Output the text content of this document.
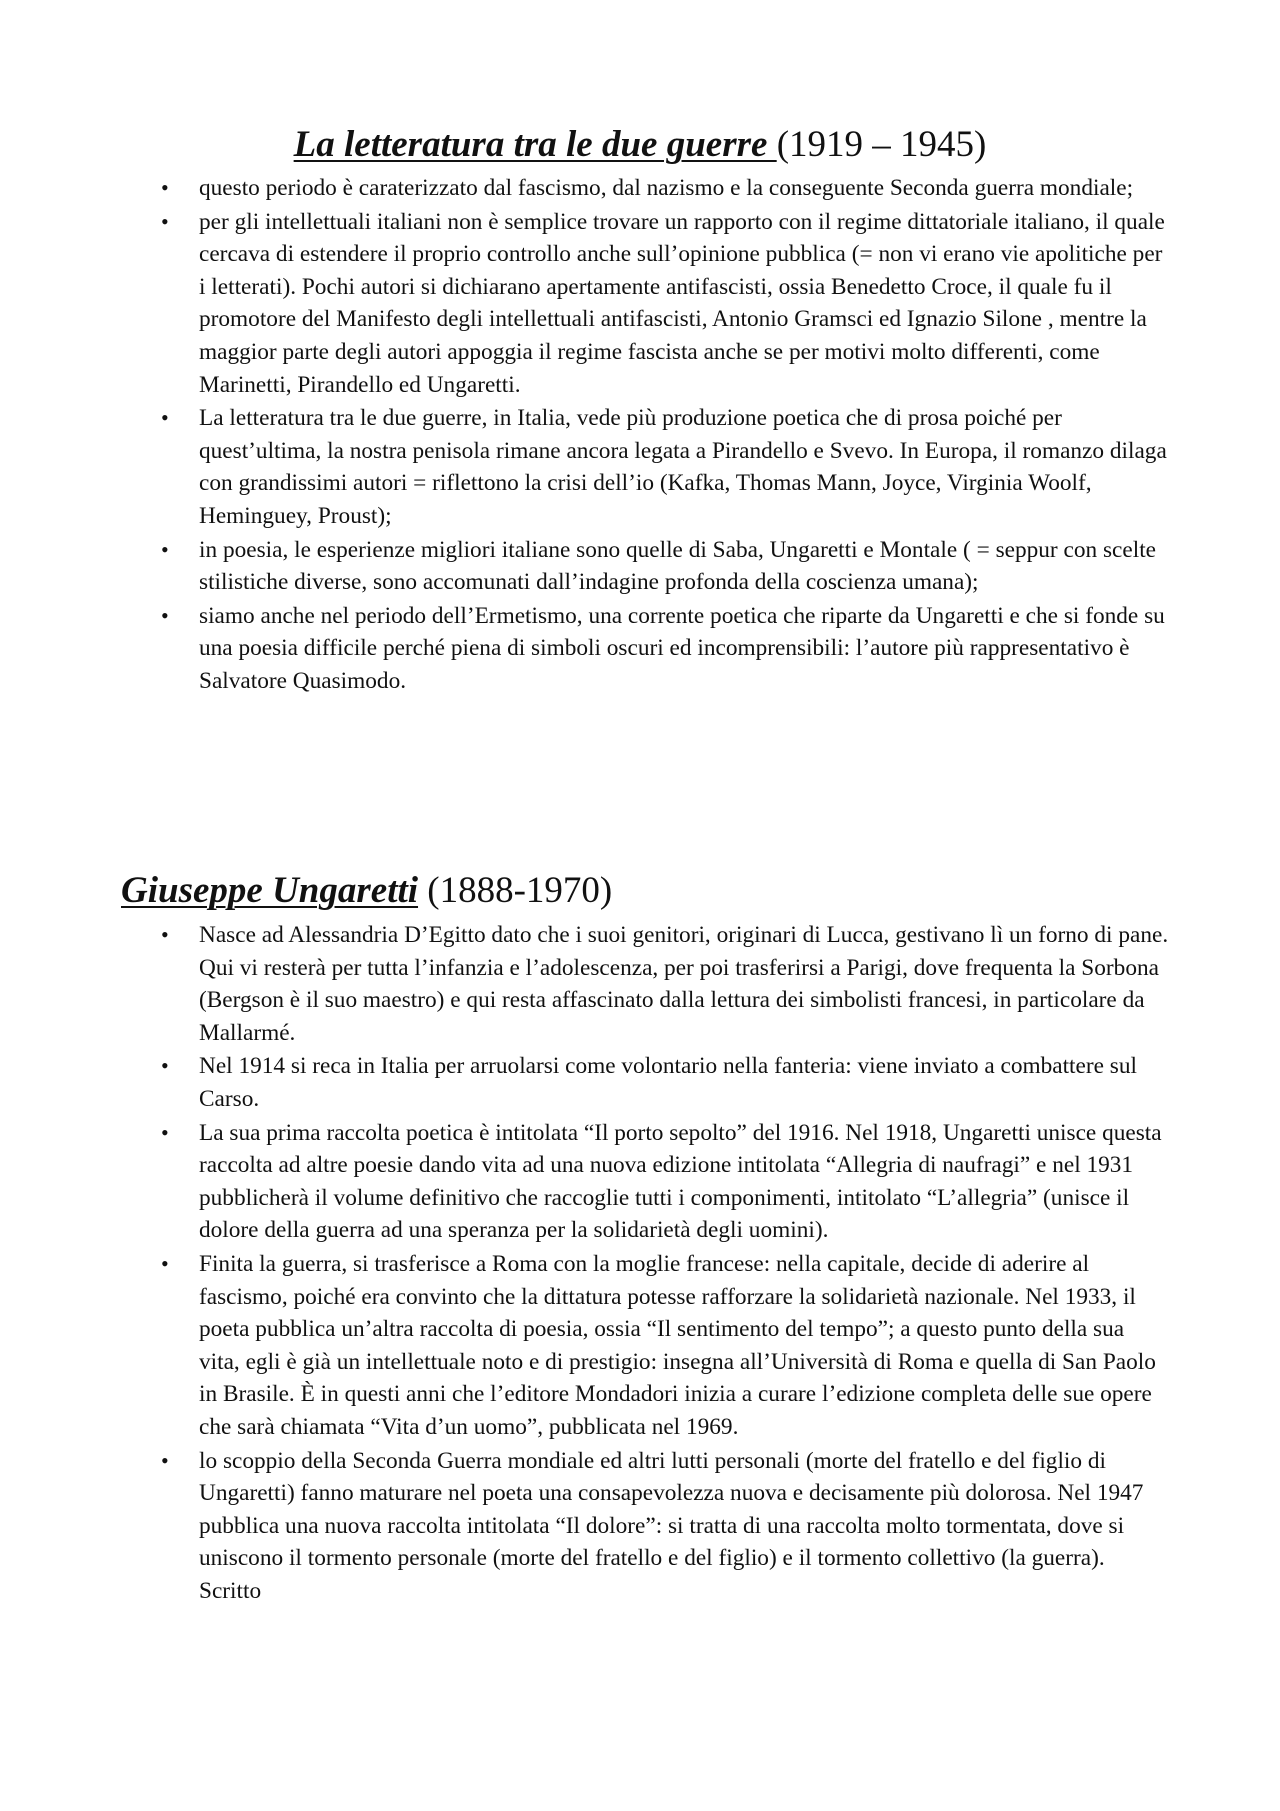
La letteratura tra le due guerre (1919 – 1945)
• questo periodo è caraterizzato dal fascismo, dal nazismo e la conseguente Seconda guerra mondiale;
• per gli intellettuali italiani non è semplice trovare un rapporto con il regime dittatoriale italiano, il quale cercava di estendere il proprio controllo anche sull’opinione pubblica (= non vi erano vie apolitiche per i letterati). Pochi autori si dichiarano apertamente antifascisti, ossia Benedetto Croce, il quale fu il promotore del Manifesto degli intellettuali antifascisti, Antonio Gramsci ed Ignazio Silone , mentre la maggior parte degli autori appoggia il regime fascista anche se per motivi molto differenti, come Marinetti, Pirandello ed Ungaretti.
• La letteratura tra le due guerre, in Italia, vede più produzione poetica che di prosa poiché per quest’ultima, la nostra penisola rimane ancora legata a Pirandello e Svevo. In Europa, il romanzo dilaga con grandissimi autori = riflettono la crisi dell’io (Kafka, Thomas Mann, Joyce, Virginia Woolf, Heminguey, Proust);
• in poesia, le esperienze migliori italiane sono quelle di Saba, Ungaretti e Montale ( = seppur con scelte stilistiche diverse, sono accomunati dall’indagine profonda della coscienza umana);
• siamo anche nel periodo dell’Ermetismo, una corrente poetica che riparte da Ungaretti e che si fonde su una poesia difficile perché piena di simboli oscuri ed incomprensibili: l’autore più rappresentativo è Salvatore Quasimodo.
Giuseppe Ungaretti (1888-1970)
• Nasce ad Alessandria D’Egitto dato che i suoi genitori, originari di Lucca, gestivano lì un forno di pane. Qui vi resterà per tutta l’infanzia e l’adolescenza, per poi trasferirsi a Parigi, dove frequenta la Sorbona (Bergson è il suo maestro) e qui resta affascinato dalla lettura dei simbolisti francesi, in particolare da Mallarmé.
• Nel 1914 si reca in Italia per arruolarsi come volontario nella fanteria: viene inviato a combattere sul Carso.
• La sua prima raccolta poetica è intitolata “Il porto sepolto” del 1916. Nel 1918, Ungaretti unisce questa raccolta ad altre poesie dando vita ad una nuova edizione intitolata “Allegria di naufragi” e nel 1931 pubblicherà il volume definitivo che raccoglie tutti i componimenti, intitolato “L’allegria” (unisce il dolore della guerra ad una speranza per la solidarietà degli uomini).
• Finita la guerra, si trasferisce a Roma con la moglie francese: nella capitale, decide di aderire al fascismo, poiché era convinto che la dittatura potesse rafforzare la solidarietà nazionale. Nel 1933, il poeta pubblica un’altra raccolta di poesia, ossia “Il sentimento del tempo”; a questo punto della sua vita, egli è già un intellettuale noto e di prestigio: insegna all’Università di Roma e quella di San Paolo in Brasile. È in questi anni che l’editore Mondadori inizia a curare l’edizione completa delle sue opere che sarà chiamata “Vita d’un uomo”, pubblicata nel 1969.
• lo scoppio della Seconda Guerra mondiale ed altri lutti personali (morte del fratello e del figlio di Ungaretti) fanno maturare nel poeta una consapevolezza nuova e decisamente più dolorosa. Nel 1947 pubblica una nuova raccolta intitolata “Il dolore”: si tratta di una raccolta molto tormentata, dove si uniscono il tormento personale (morte del fratello e del figlio) e il tormento collettivo (la guerra). Scritto
